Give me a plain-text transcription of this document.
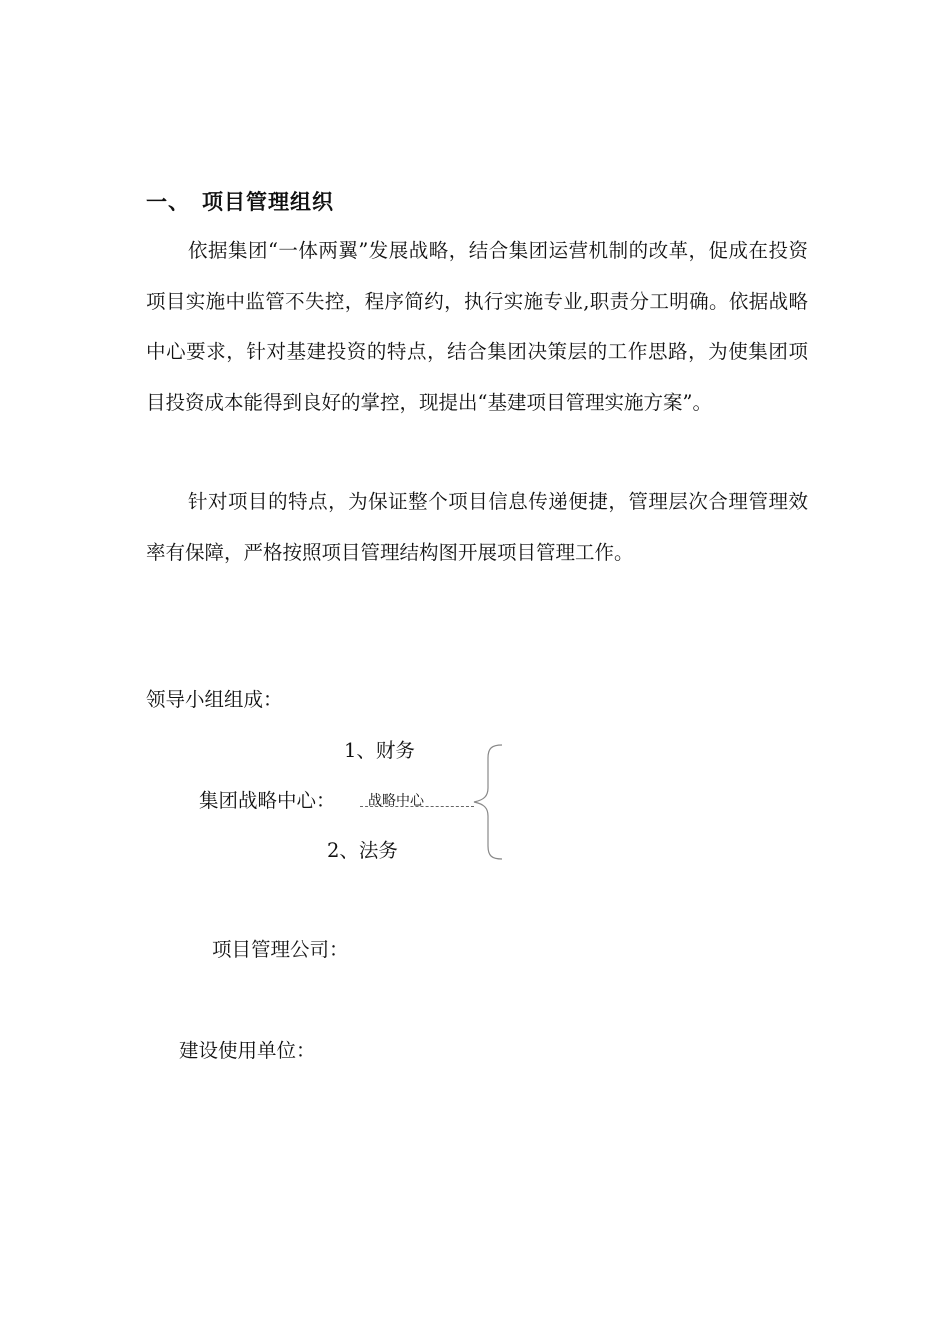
一、 项目管理组织

依据集团“一体两翼”发展战略，结合集团运营机制的改革，促成在投资项目实施中监管不失控，程序简约，执行实施专业,职责分工明确。依据战略中心要求，针对基建投资的特点，结合集团决策层的工作思路，为使集团项目投资成本能得到良好的掌控，现提出“基建项目管理实施方案”。

针对项目的特点，为保证整个项目信息传递便捷，管理层次合理管理效率有保障，严格按照项目管理结构图开展项目管理工作。

领导小组组成：
1、财务
集团战略中心： 战略中心
2、法务
项目管理公司：
建设使用单位：
